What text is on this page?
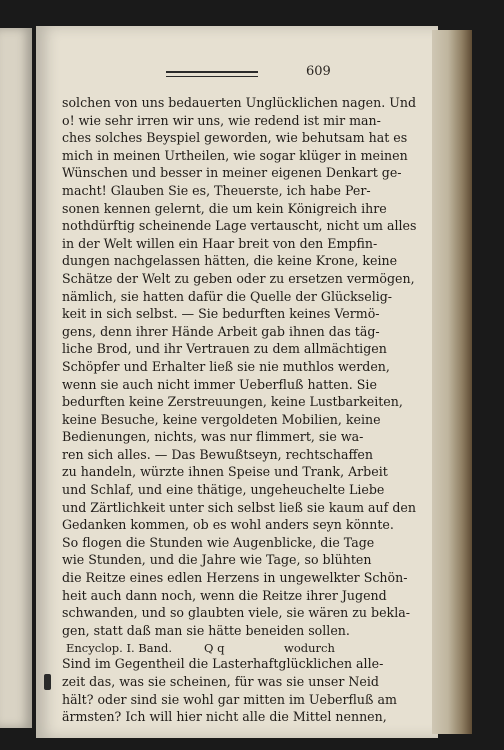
609
solchen von uns bedauerten Unglücklichen nagen. Und
o! wie sehr irren wir uns, wie redend ist mir man-
ches solches Beyspiel geworden, wie behutsam hat es
mich in meinen Urtheilen, wie sogar klüger in meinen
Wünschen und besser in meiner eigenen Denkart ge-
macht! Glauben Sie es, Theuerste, ich habe Per-
sonen kennen gelernt, die um kein Königreich ihre
nothdürftig scheinende Lage vertauscht, nicht um alles
in der Welt willen ein Haar breit von den Empfin-
dungen nachgelassen hätten, die keine Krone, keine
Schätze der Welt zu geben oder zu ersetzen vermögen,
nämlich, sie hatten dafür die Quelle der Glückselig-
keit in sich selbst. — Sie bedurften keines Vermö-
gens, denn ihrer Hände Arbeit gab ihnen das täg-
liche Brod, und ihr Vertrauen zu dem allmächtigen
Schöpfer und Erhalter ließ sie nie muthlos werden,
wenn sie auch nicht immer Ueberfluß hatten. Sie
bedurften keine Zerstreuungen, keine Lustbarkeiten,
keine Besuche, keine vergoldeten Mobilien, keine
Bedienungen, nichts, was nur flimmert, sie wa-
ren sich alles. — Das Bewußtseyn, rechtschaffen
zu handeln, würzte ihnen Speise und Trank, Arbeit
und Schlaf, und eine thätige, ungeheuchelte Liebe
und Zärtlichkeit unter sich selbst ließ sie kaum auf den
Gedanken kommen, ob es wohl anders seyn könnte.
So flogen die Stunden wie Augenblicke, die Tage
wie Stunden, und die Jahre wie Tage, so blühten
die Reitze eines edlen Herzens in ungewelkter Schön-
heit auch dann noch, wenn die Reitze ihrer Jugend
schwanden, und so glaubten viele, sie wären zu bekla-
gen, statt daß man sie hätte beneiden sollen.
Sind im Gegentheil die Lasterhaftglücklichen alle-
zeit das, was sie scheinen, für was sie unser Neid
hält? oder sind sie wohl gar mitten im Ueberfluß am
ärmsten? Ich will hier nicht alle die Mittel nennen,
Encyclop. I. Band.	Q q	wodurch
